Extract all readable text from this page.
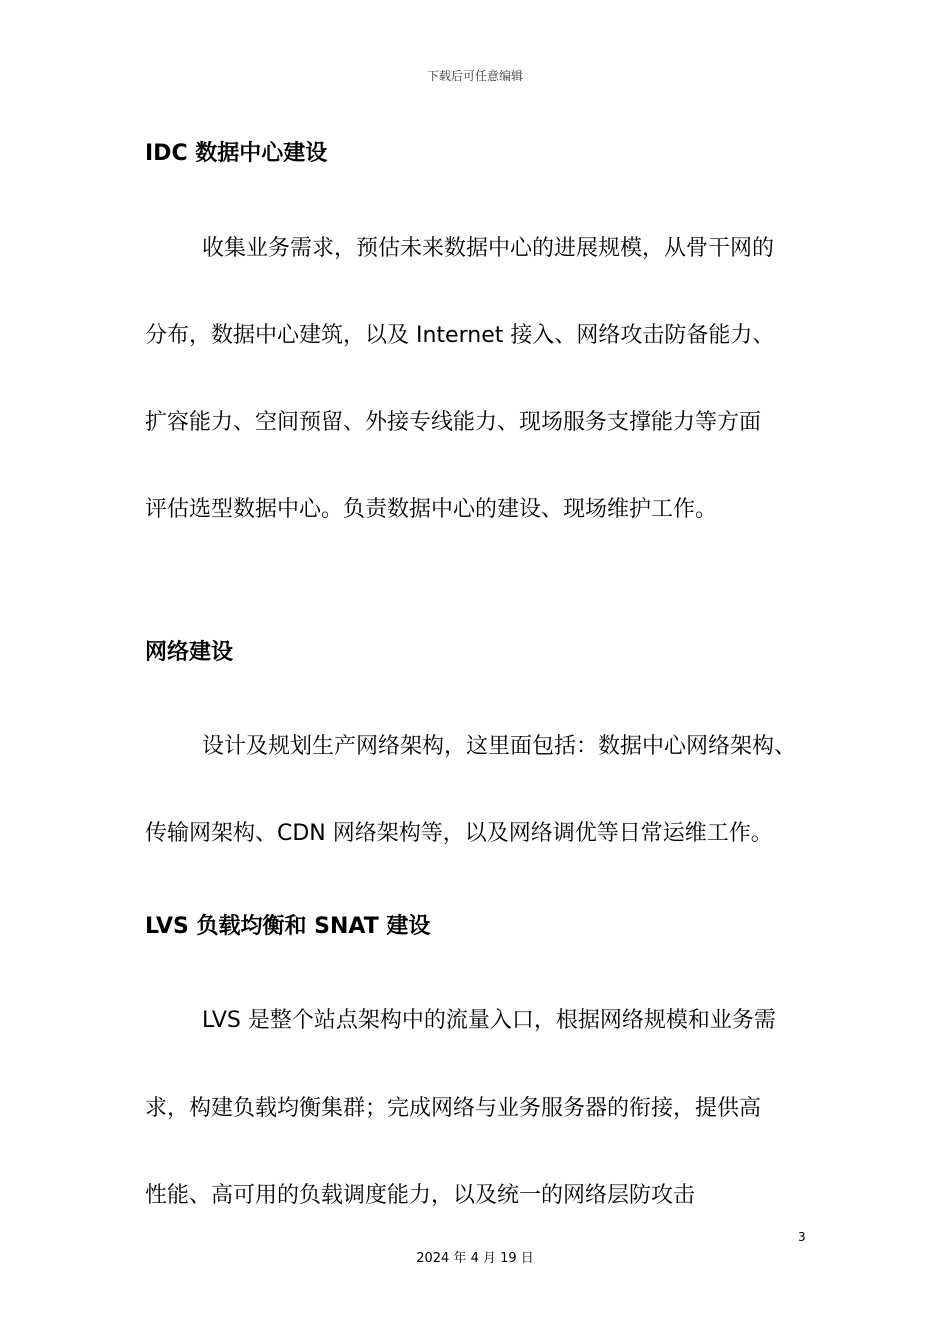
下载后可任意编辑
IDC 数据中心建设
收集业务需求，预估未来数据中心的进展规模，从骨干网的
分布，数据中心建筑，以及 Internet 接入、网络攻击防备能力、
扩容能力、空间预留、外接专线能力、现场服务支撑能力等方面
评估选型数据中心。负责数据中心的建设、现场维护工作。
网络建设
设计及规划生产网络架构，这里面包括：数据中心网络架构、
传输网架构、CDN 网络架构等，以及网络调优等日常运维工作。
LVS 负载均衡和 SNAT 建设
LVS 是整个站点架构中的流量入口，根据网络规模和业务需
求，构建负载均衡集群；完成网络与业务服务器的衔接，提供高
性能、高可用的负载调度能力，以及统一的网络层防攻击
3
2024 年 4 月 19 日
